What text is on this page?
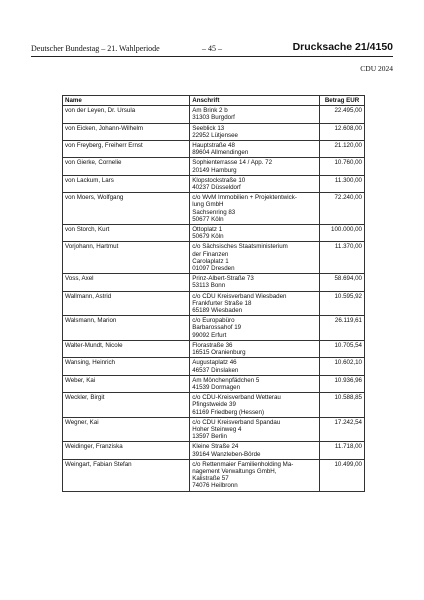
Deutscher Bundestag – 21. Wahlperiode	– 45 –	Drucksache 21/4150
CDU 2024
Name	Anschrift	Betrag EUR
von der Leyen, Dr. Ursula	Am Brink 2 b
31303 Burgdorf	22.495,00
von Eicken, Johann-Wilhelm	Seeblick 13
22952 Lütjensee	12.608,00
von Freyberg, Freiherr Ernst	Hauptstraße 48
89604 Allmendingen	21.120,00
von Gierke, Cornelie	Sophienterrasse 14 / App. 72
20149 Hamburg	10.760,00
von Lackum, Lars	Klopstockstraße 10
40237 Düsseldorf	11.300,00
von Moers, Wolfgang	c/o WvM Immobilien + Projektentwick-
lung GmbH
Sachsenring 83
50677 Köln	72.240,00
von Storch, Kurt	Ottoplatz 1
50679 Köln	100.000,00
Vorjohann, Hartmut	c/o Sächsisches Staatsministerium
der Finanzen
Carolaplatz 1
01097 Dresden	11.370,00
Voss, Axel	Prinz-Albert-Straße 73
53113 Bonn	58.694,00
Wallmann, Astrid	c/o CDU Kreisverband Wiesbaden
Frankfurter Straße 18
65189 Wiesbaden	10.595,92
Walsmann, Marion	c/o Europabüro
Barbarossahof 19
99092 Erfurt	26.119,61
Walter-Mundt, Nicole	Florastraße 36
16515 Oranienburg	10.705,54
Wansing, Heinrich	Augustaplatz 46
46537 Dinslaken	10.602,10
Weber, Kai	Am Mönchenpfädchen 5
41539 Dormagen	10.936,96
Weckler, Birgit	c/o CDU-Kreisverband Wetterau
Pfingstweide 39
61169 Friedberg (Hessen)	10.588,85
Wegner, Kai	c/o CDU Kreisverband Spandau
Hoher Steinweg 4
13597 Berlin	17.242,54
Weidinger, Franziska	Kleine Straße 24
39164 Wanzleben-Börde	11.718,00
Weingart, Fabian Stefan	c/o Rettenmaier Familienholding Ma-
nagement Verwaltungs GmbH,
Kalistraße 57
74076 Heilbronn	10.499,00
